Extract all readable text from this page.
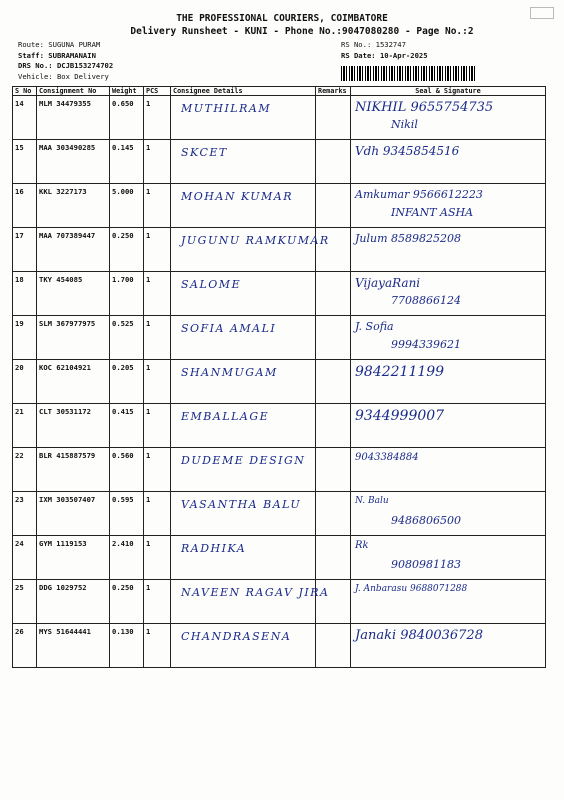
THE PROFESSIONAL COURIERS, COIMBATORE
Delivery Runsheet - KUNI - Phone No.:9047080280 - Page No.:2
Route: SUGUNA PURAM
Staff: SUBRAMANAIN
DRS No.: DCJB153274702
Vehicle: Box Delivery
RS No.: 1532747
RS Date: 10-Apr-2025
S No	Consignment No	Weight	PCS	Consignee Details	Remarks	Seal & Signature
14	MLM 34479355	0.650	1	MUTHILRAM		NIKHIL 9655754735
Nikil

15	MAA 303490285	0.145	1	SKCET		Vdh 9345854516

16	KKL 3227173	5.000	1	MOHAN KUMAR		Amkumar 9566612223
INFANT ASHA

17	MAA 707389447	0.250	1	JUGUNU RAMKUMAR		Julum 8589825208

18	TKY 454085	1.700	1	SALOME		VijayaRani
7708866124

19	SLM 367977975	0.525	1	SOFIA AMALI		J. Sofia
9994339621

20	KOC 62104921	0.205	1	SHANMUGAM		9842211199

21	CLT 30531172	0.415	1	EMBALLAGE		9344999007

22	BLR 415887579	0.560	1	DUDEME DESIGN		9043384884

23	IXM 303507407	0.595	1	VASANTHA BALU		N. Balu
9486806500

24	GYM 1119153	2.410	1	RADHIKA		Rk
9080981183

25	DDG 1029752	0.250	1	NAVEEN RAGAV JIRA		J. Anbarasu 9688071288

26	MYS 51644441	0.130	1	CHANDRASENA		Janaki 9840036728
